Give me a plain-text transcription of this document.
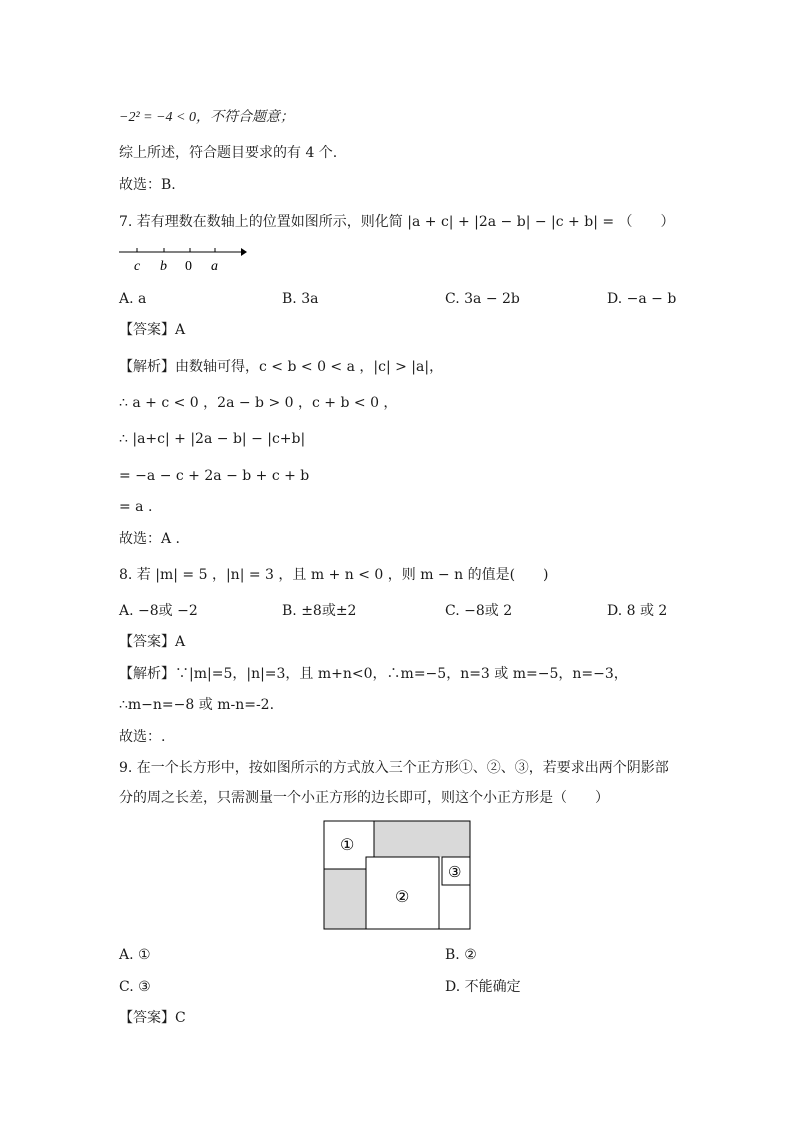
−2² = −4 < 0，不符合题意；
综上所述，符合题目要求的有 4 个.
故选：B.
7. 若有理数在数轴上的位置如图所示，则化简 |a + c| + |2a − b| − |c + b| = （　　）
c b 0 a
A. a	B. 3a	C. 3a − 2b	D. −a − b
【答案】A
【解析】由数轴可得，c < b < 0 < a ，|c| > |a|，
∴ a + c < 0 ，2a − b > 0 ，c + b < 0 ，
∴ |a+c| + |2a − b| − |c+b|
= −a − c + 2a − b + c + b
= a .
故选：A .
8. 若 |m| = 5 ，|n| = 3 ，且 m + n < 0 ，则 m − n 的值是(　　)
A. −8或 −2	B. ±8或±2	C. −8或 2	D. 8 或 2
【答案】A
【解析】∵|m|=5，|n|=3，且 m+n<0，∴m=−5，n=3 或 m=−5，n=−3，
∴m−n=−8 或 m-n=-2.
故选：.
9. 在一个长方形中，按如图所示的方式放入三个正方形①、②、③，若要求出两个阴影部
分的周之长差，只需测量一个小正方形的边长即可，则这个小正方形是（　　）
①
②
③
A. ①	B. ②
C. ③	D. 不能确定
【答案】C
